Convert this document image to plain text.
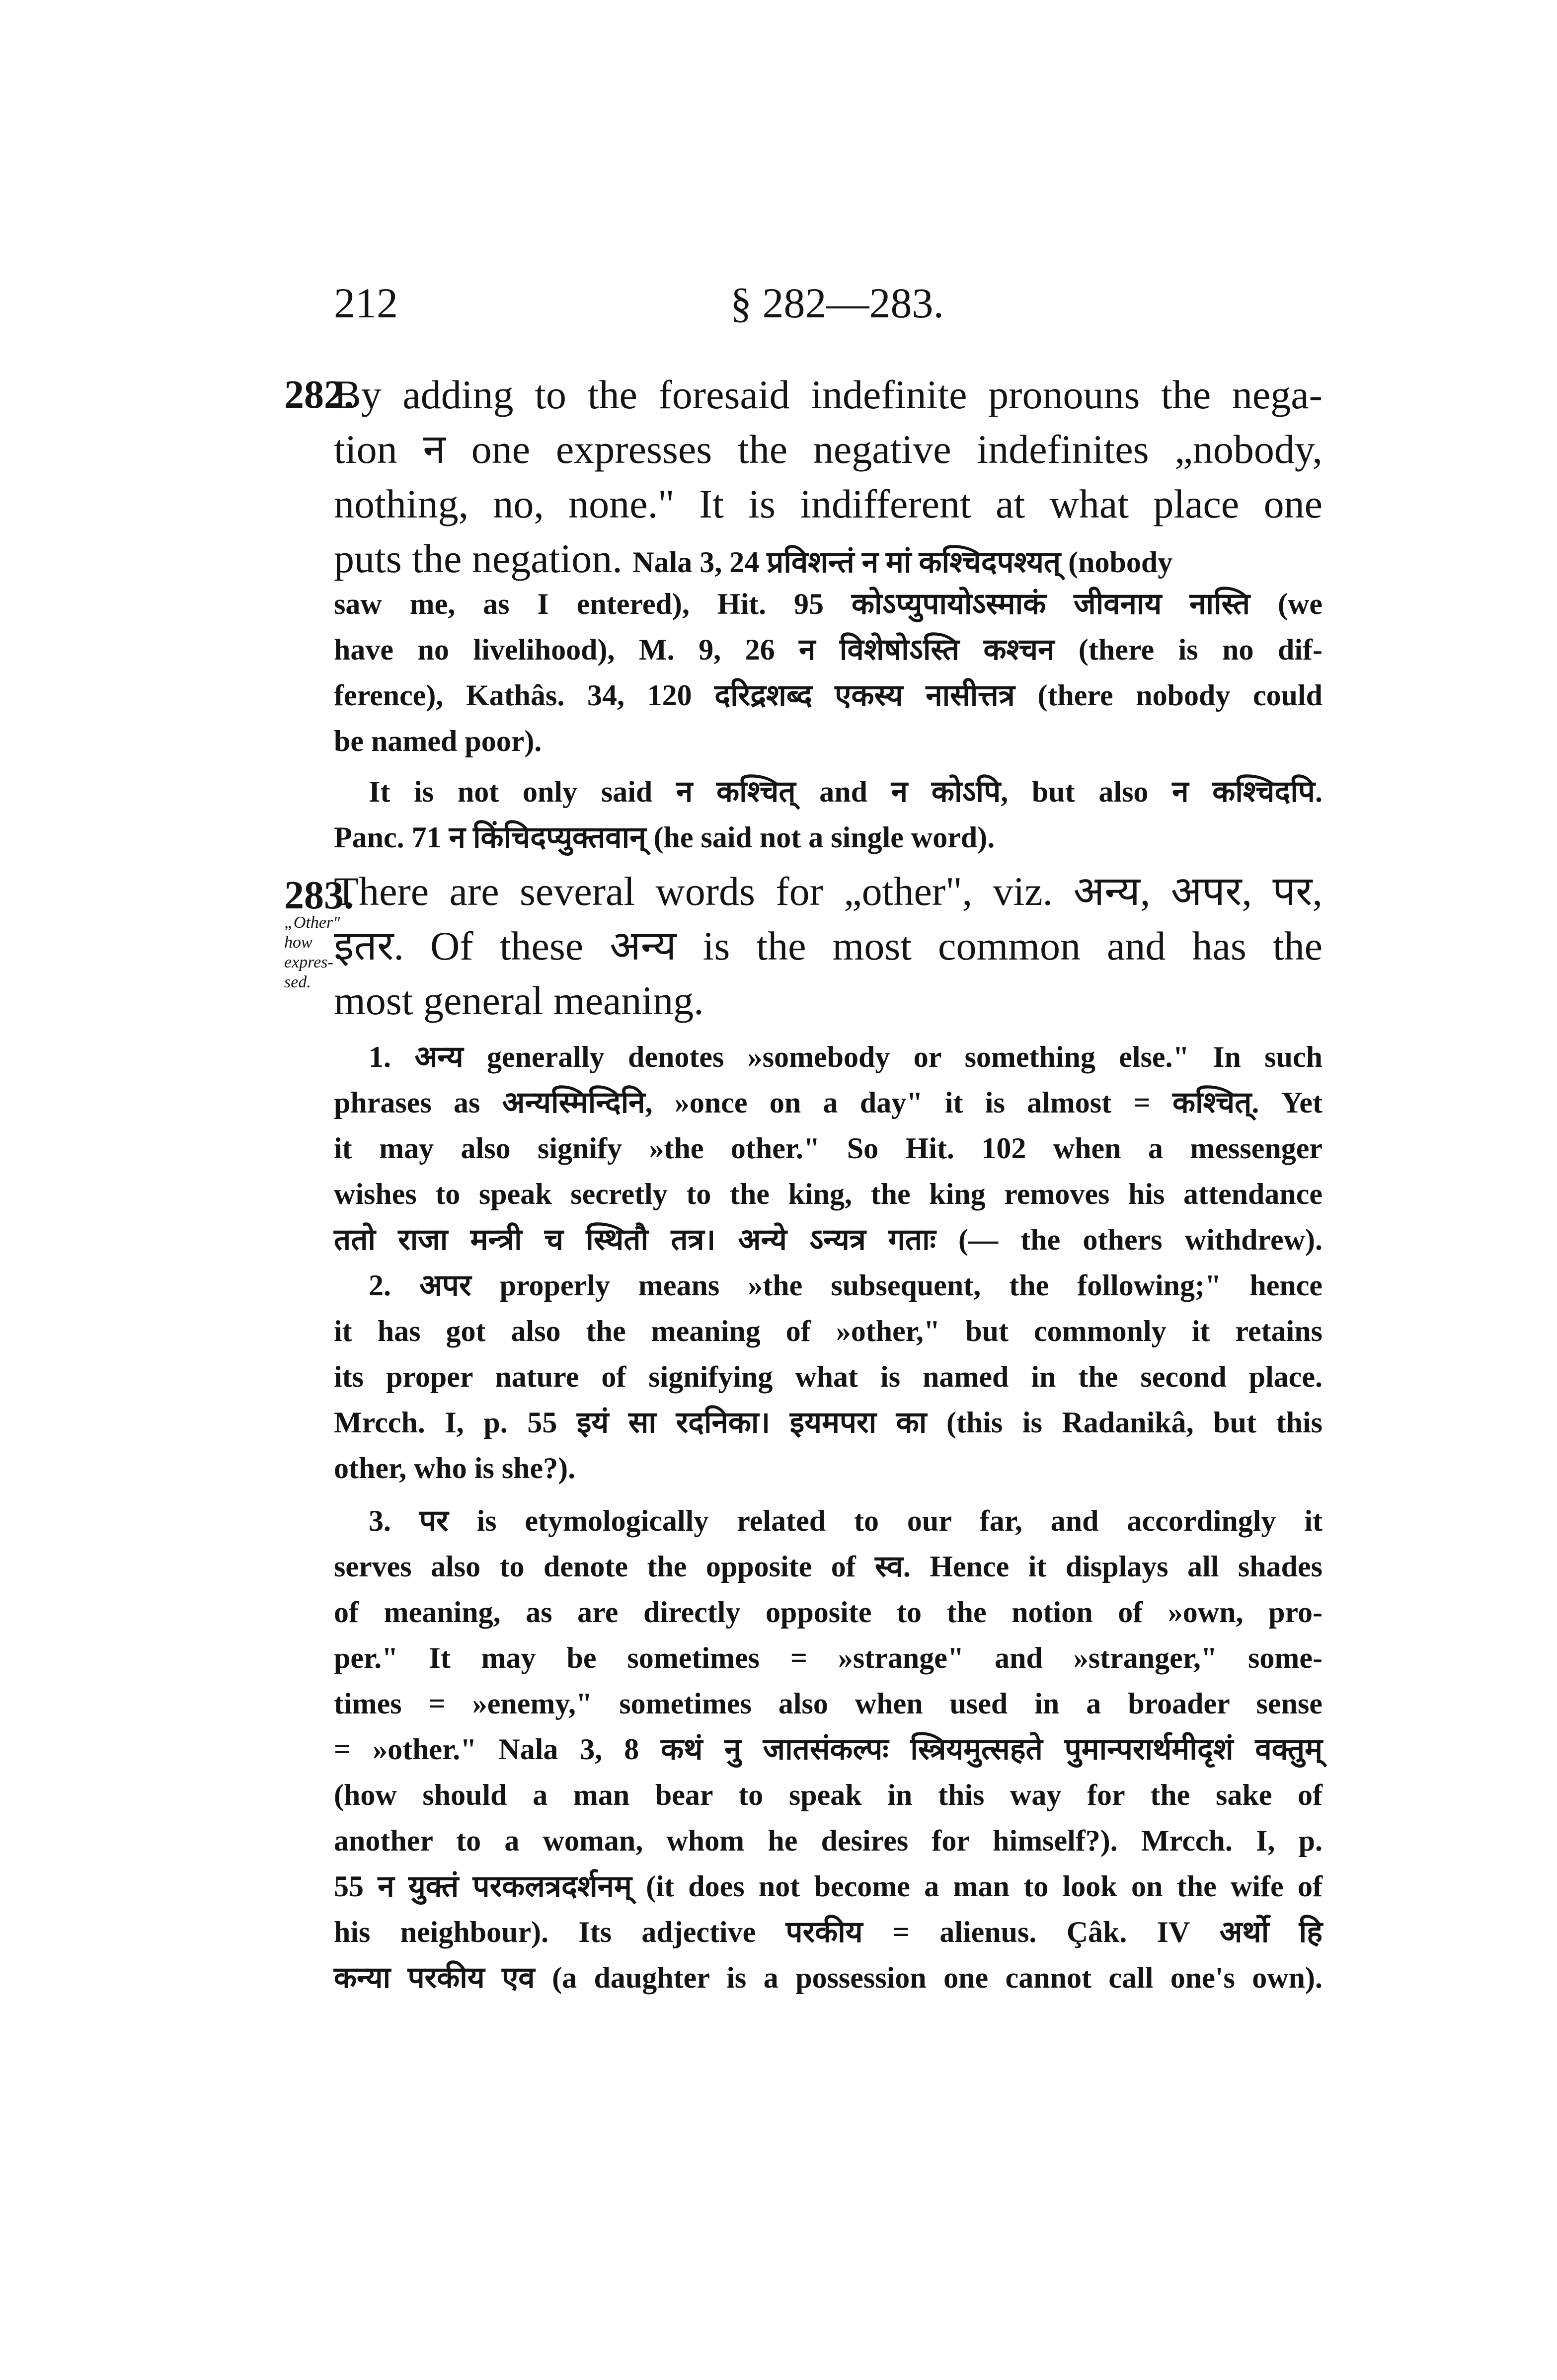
212	§ 282—283.
282.
By adding to the foresaid indefinite pronouns the nega-
tion न one expresses the negative indefinites „nobody,
nothing, no, none." It is indifferent at what place one
puts the negation. Nala 3, 24 प्रविशन्तं न मां कश्चिदपश्यत् (nobody
saw me, as I entered), Hit. 95 कोऽप्युपायोऽस्माकं जीवनाय नास्ति (we
have no livelihood), M. 9, 26 न विशेषोऽस्ति कश्चन (there is no dif-
ference), Kathâs. 34, 120 दरिद्रशब्द एकस्य नासीत्तत्र (there nobody could
be named poor).
It is not only said न कश्चित् and न कोऽपि, but also न कश्चिदपि.
Panc. 71 न किंचिदप्युक्तवान् (he said not a single word).
283.
„Other"
how
expres-
sed.
There are several words for „other", viz. अन्य, अपर, पर,
इतर. Of these अन्य is the most common and has the
most general meaning.
1. अन्य generally denotes »somebody or something else." In such
phrases as अन्यस्मिन्दिनि, »once on a day" it is almost = कश्चित्. Yet
it may also signify »the other." So Hit. 102 when a messenger
wishes to speak secretly to the king, the king removes his attendance
ततो राजा मन्त्री च स्थितौ तत्र। अन्ये ऽन्यत्र गताः (— the others withdrew).
2. अपर properly means »the subsequent, the following;" hence
it has got also the meaning of »other," but commonly it retains
its proper nature of signifying what is named in the second place.
Mrcch. I, p. 55 इयं सा रदनिका। इयमपरा का (this is Radanikâ, but this
other, who is she?).
3. पर is etymologically related to our far, and accordingly it
serves also to denote the opposite of स्व. Hence it displays all shades
of meaning, as are directly opposite to the notion of »own, pro-
per." It may be sometimes = »strange" and »stranger," some-
times = »enemy," sometimes also when used in a broader sense
= »other." Nala 3, 8 कथं नु जातसंकल्पः स्त्रियमुत्सहते पुमान्परार्थमीदृशं वक्तुम्
(how should a man bear to speak in this way for the sake of
another to a woman, whom he desires for himself?). Mrcch. I, p.
55 न युक्तं परकलत्रदर्शनम् (it does not become a man to look on the wife of
his neighbour). Its adjective परकीय = alienus. Çâk. IV अर्थो हि
कन्या परकीय एव (a daughter is a possession one cannot call one's own).
